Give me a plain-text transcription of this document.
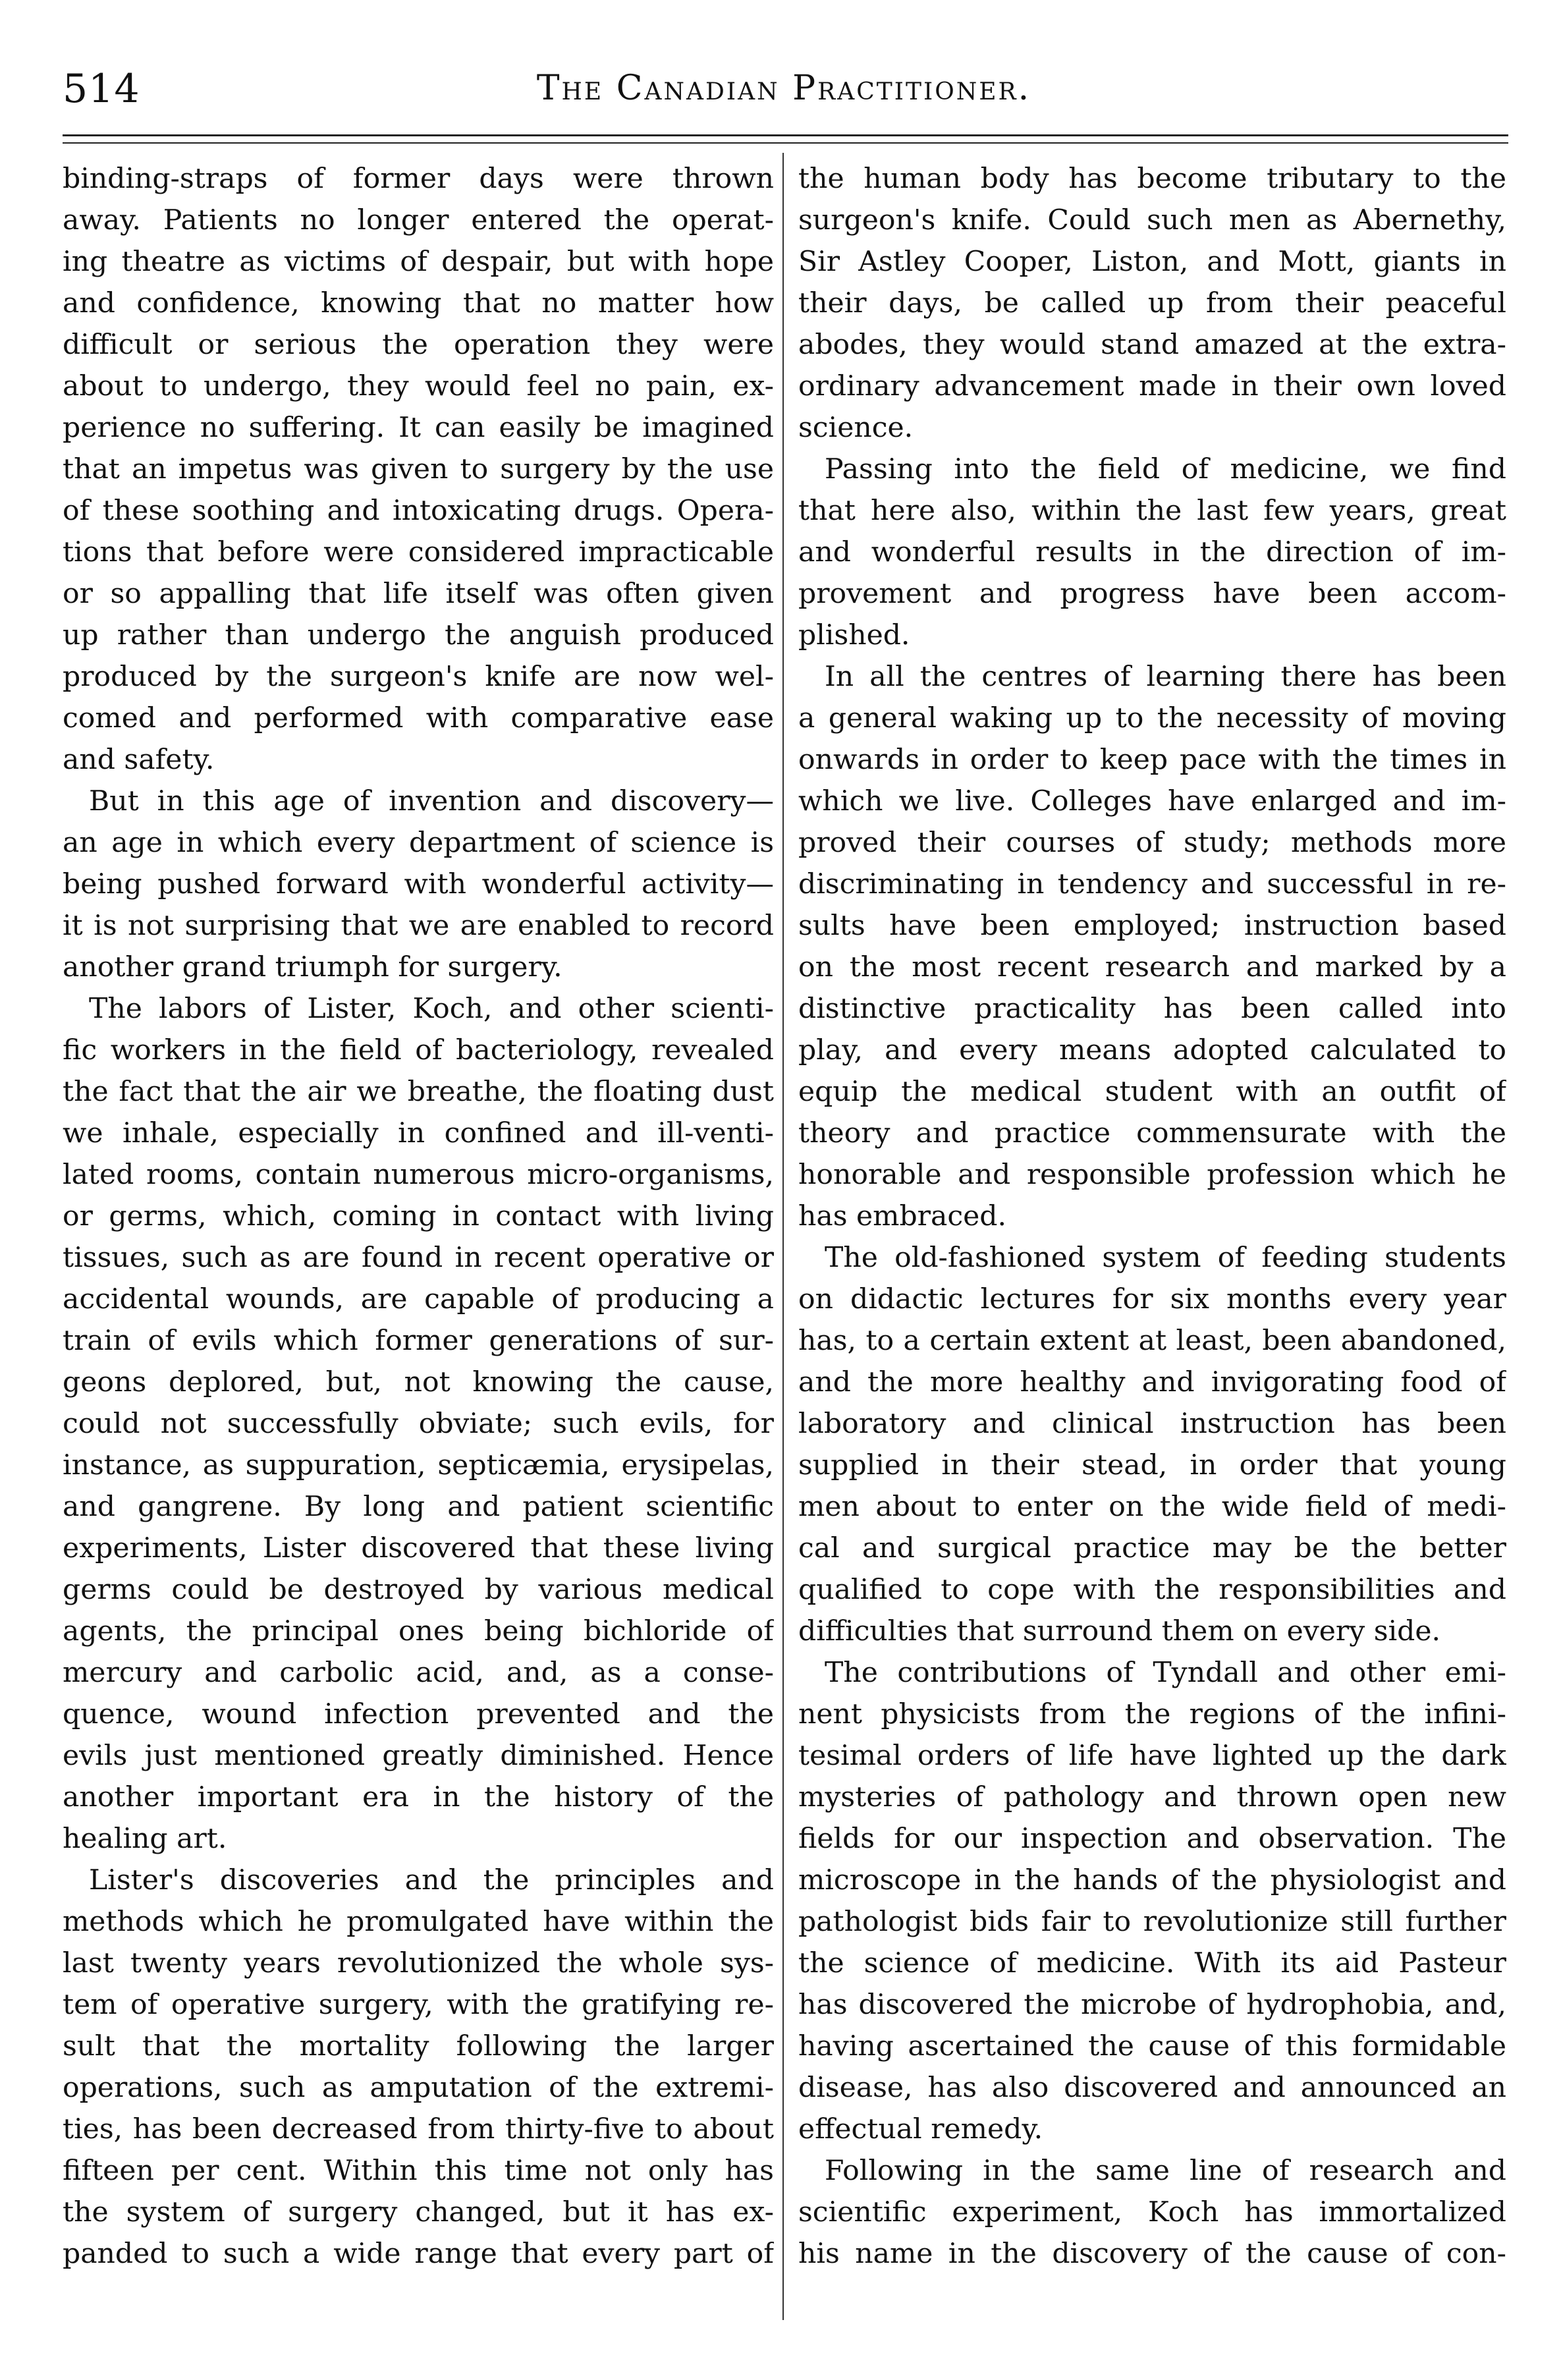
514	The Canadian Practitioner.
binding-straps of former days were thrown
away. Patients no longer entered the operat-
ing theatre as victims of despair, but with hope
and confidence, knowing that no matter how
difficult or serious the operation they were
about to undergo, they would feel no pain, ex-
perience no suffering. It can easily be imagined
that an impetus was given to surgery by the use
of these soothing and intoxicating drugs. Opera-
tions that before were considered impracticable
or so appalling that life itself was often given
up rather than undergo the anguish produced
produced by the surgeon's knife are now wel-
comed and performed with comparative ease
and safety.
But in this age of invention and discovery—
an age in which every department of science is
being pushed forward with wonderful activity—
it is not surprising that we are enabled to record
another grand triumph for surgery.
The labors of Lister, Koch, and other scienti-
fic workers in the field of bacteriology, revealed
the fact that the air we breathe, the floating dust
we inhale, especially in confined and ill-venti-
lated rooms, contain numerous micro-organisms,
or germs, which, coming in contact with living
tissues, such as are found in recent operative or
accidental wounds, are capable of producing a
train of evils which former generations of sur-
geons deplored, but, not knowing the cause,
could not successfully obviate; such evils, for
instance, as suppuration, septicæmia, erysipelas,
and gangrene. By long and patient scientific
experiments, Lister discovered that these living
germs could be destroyed by various medical
agents, the principal ones being bichloride of
mercury and carbolic acid, and, as a conse-
quence, wound infection prevented and the
evils just mentioned greatly diminished. Hence
another important era in the history of the
healing art.
Lister's discoveries and the principles and
methods which he promulgated have within the
last twenty years revolutionized the whole sys-
tem of operative surgery, with the gratifying re-
sult that the mortality following the larger
operations, such as amputation of the extremi-
ties, has been decreased from thirty-five to about
fifteen per cent. Within this time not only has
the system of surgery changed, but it has ex-
panded to such a wide range that every part of
the human body has become tributary to the
surgeon's knife. Could such men as Abernethy,
Sir Astley Cooper, Liston, and Mott, giants in
their days, be called up from their peaceful
abodes, they would stand amazed at the extra-
ordinary advancement made in their own loved
science.
Passing into the field of medicine, we find
that here also, within the last few years, great
and wonderful results in the direction of im-
provement and progress have been accom-
plished.
In all the centres of learning there has been
a general waking up to the necessity of moving
onwards in order to keep pace with the times in
which we live. Colleges have enlarged and im-
proved their courses of study; methods more
discriminating in tendency and successful in re-
sults have been employed; instruction based
on the most recent research and marked by a
distinctive practicality has been called into
play, and every means adopted calculated to
equip the medical student with an outfit of
theory and practice commensurate with the
honorable and responsible profession which he
has embraced.
The old-fashioned system of feeding students
on didactic lectures for six months every year
has, to a certain extent at least, been abandoned,
and the more healthy and invigorating food of
laboratory and clinical instruction has been
supplied in their stead, in order that young
men about to enter on the wide field of medi-
cal and surgical practice may be the better
qualified to cope with the responsibilities and
difficulties that surround them on every side.
The contributions of Tyndall and other emi-
nent physicists from the regions of the infini-
tesimal orders of life have lighted up the dark
mysteries of pathology and thrown open new
fields for our inspection and observation. The
microscope in the hands of the physiologist and
pathologist bids fair to revolutionize still further
the science of medicine. With its aid Pasteur
has discovered the microbe of hydrophobia, and,
having ascertained the cause of this formidable
disease, has also discovered and announced an
effectual remedy.
Following in the same line of research and
scientific experiment, Koch has immortalized
his name in the discovery of the cause of con-
